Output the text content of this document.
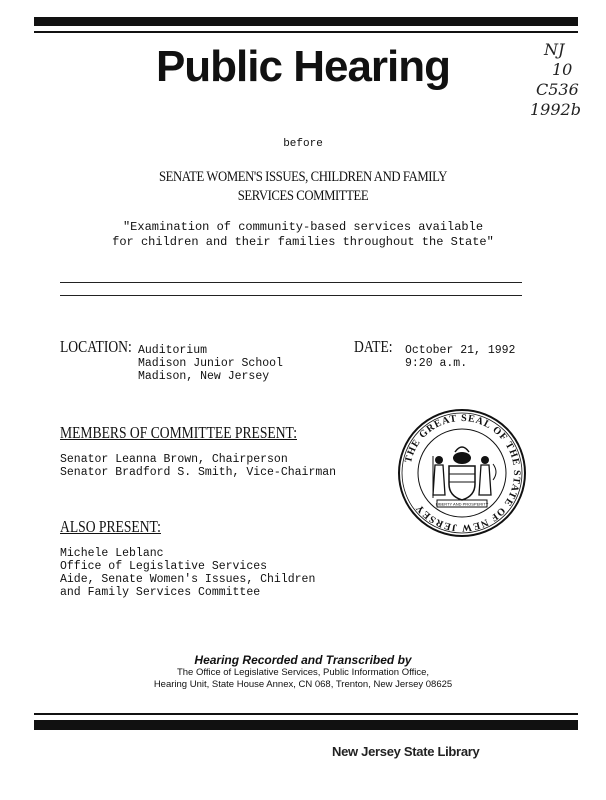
Public Hearing	NJ
10
C536
1992b
before
SENATE WOMEN'S ISSUES, CHILDREN AND FAMILY
SERVICES COMMITTEE
"Examination of community-based services available
for children and their families throughout the State"
LOCATION: Auditorium
Madison Junior School
Madison, New Jersey
DATE: October 21, 1992
9:20 a.m.
MEMBERS OF COMMITTEE PRESENT:
Senator Leanna Brown, Chairperson
Senator Bradford S. Smith, Vice-Chairman
ALSO PRESENT:
Michele Leblanc
Office of Legislative Services
Aide, Senate Women's Issues, Children
and Family Services Committee
THE GREAT SEAL OF THE STATE OF NEW JERSEY	LIBERTY AND PROSPERITY
Hearing Recorded and Transcribed by
The Office of Legislative Services, Public Information Office,
Hearing Unit, State House Annex, CN 068, Trenton, New Jersey 08625
New Jersey State Library
